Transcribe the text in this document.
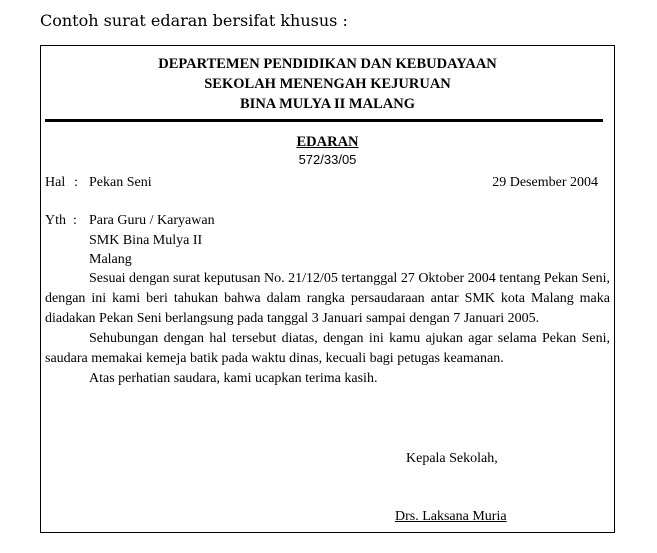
Contoh surat edaran bersifat khusus :
DEPARTEMEN PENDIDIKAN DAN KEBUDAYAAN
SEKOLAH MENENGAH KEJURUAN
BINA MULYA II MALANG
EDARAN
572/33/05
Hal : Pekan Seni	29 Desember 2004
Yth : Para Guru / Karyawan
SMK Bina Mulya II
Malang

Sesuai dengan surat keputusan No. 21/12/05 tertanggal 27 Oktober 2004 tentang Pekan Seni, dengan ini kami beri tahukan bahwa dalam rangka persaudaraan antar SMK kota Malang maka diadakan Pekan Seni berlangsung pada tanggal 3 Januari sampai dengan 7 Januari 2005.

Sehubungan dengan hal tersebut diatas, dengan ini kamu ajukan agar selama Pekan Seni, saudara memakai kemeja batik pada waktu dinas, kecuali bagi petugas keamanan.

Atas perhatian saudara, kami ucapkan terima kasih.

Kepala Sekolah,
Drs. Laksana Muria
